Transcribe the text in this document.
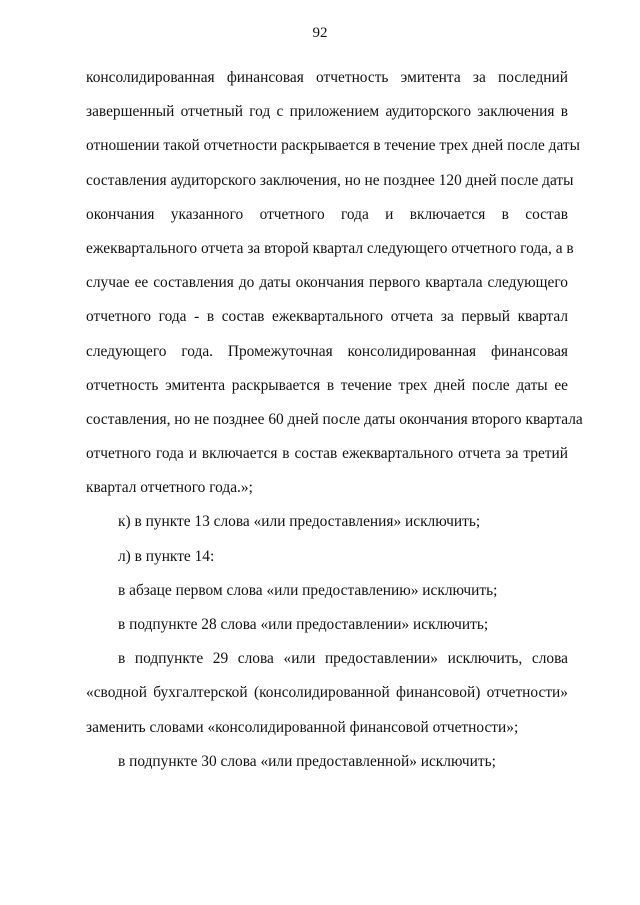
92
консолидированная финансовая отчетность эмитента за последний
завершенный отчетный год с приложением аудиторского заключения в
отношении такой отчетности раскрывается в течение трех дней после даты
составления аудиторского заключения, но не позднее 120 дней после даты
окончания указанного отчетного года и включается в состав
ежеквартального отчета за второй квартал следующего отчетного года, а в
случае ее составления до даты окончания первого квартала следующего
отчетного года - в состав ежеквартального отчета за первый квартал
следующего года. Промежуточная консолидированная финансовая
отчетность эмитента раскрывается в течение трех дней после даты ее
составления, но не позднее 60 дней после даты окончания второго квартала
отчетного года и включается в состав ежеквартального отчета за третий
квартал отчетного года.»;
к) в пункте 13 слова «или предоставления» исключить;
л) в пункте 14:
в абзаце первом слова «или предоставлению» исключить;
в подпункте 28 слова «или предоставлении» исключить;
в подпункте 29 слова «или предоставлении» исключить, слова
«сводной бухгалтерской (консолидированной финансовой) отчетности»
заменить словами «консолидированной финансовой отчетности»;
в подпункте 30 слова «или предоставленной» исключить;
